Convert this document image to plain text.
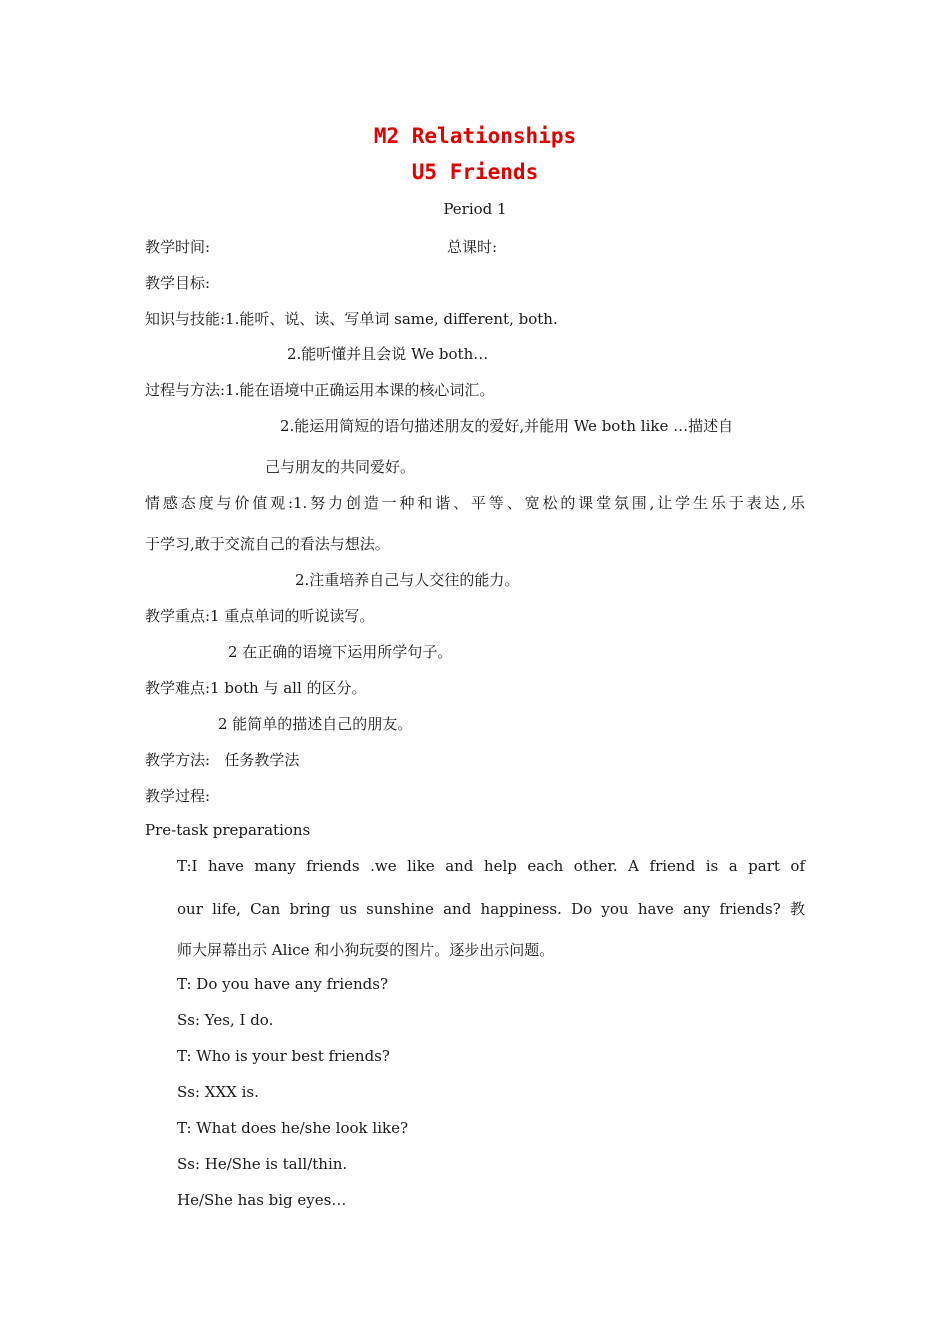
M2 Relationships
U5 Friends
Period 1
教学时间:	总课时:
教学目标:
知识与技能:1.能听、说、读、写单词 same, different, both.
2.能听懂并且会说 We both…
过程与方法:1.能在语境中正确运用本课的核心词汇。
2.能运用简短的语句描述朋友的爱好,并能用 We both like …描述自
己与朋友的共同爱好。
情感态度与价值观:1.努力创造一种和谐、平等、宽松的课堂氛围,让学生乐于表达,乐
于学习,敢于交流自己的看法与想法。
2.注重培养自己与人交往的能力。
教学重点:1 重点单词的听说读写。
2 在正确的语境下运用所学句子。
教学难点:1 both 与 all 的区分。
2 能简单的描述自己的朋友。
教学方法:   任务教学法
教学过程:
Pre-task preparations
T:I have many friends .we like and help each other. A friend is a part of
our life, Can bring us sunshine and happiness. Do you have any friends? 教
师大屏幕出示 Alice 和小狗玩耍的图片。逐步出示问题。
T: Do you have any friends?
Ss: Yes, I do.
T: Who is your best friends?
Ss: XXX is.
T: What does he/she look like?
Ss: He/She is tall/thin.
He/She has big eyes…
